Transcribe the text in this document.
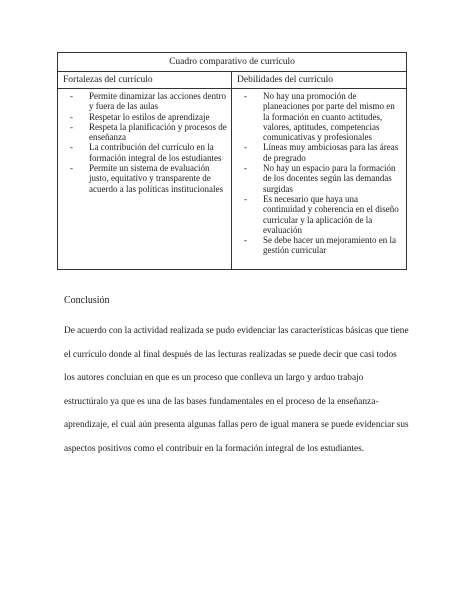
Cuadro comparativo de currículo
Fortalezas del currículo	Debilidades del currículo
- Permite dinamizar las acciones dentro y fuera de las aulas
- Respetar lo estilos de aprendizaje
- Respeta la planificación y procesos de enseñanza
- La contribución del currículo en la formación integral de los estudiantes
- Permite un sistema de evaluación justo, equitativo y transparente de acuerdo a las políticas institucionales
- No hay una promoción de planeaciones por parte del mismo en la formación en cuanto actitudes, valores, aptitudes, competencias comunicativas y profesionales
- Líneas muy ambiciosas para las áreas de pregrado
- No hay un espacio para la formación de los docentes según las demandas surgidas
- Es necesario que haya una continuidad y coherencia en el diseño curricular y la aplicación de la evaluación
- Se debe hacer un mejoramiento en la gestión curricular
Conclusión
De acuerdo con la actividad realizada se pudo evidenciar las características básicas que tiene el currículo donde al final después de las lecturas realizadas se puede decir que casi todos los autores concluian en que es un proceso que conlleva un largo y arduo trabajo estructúralo ya que es una de las bases fundamentales en el proceso de la enseñanza-aprendizaje, el cual aún presenta algunas fallas pero de igual manera se puede evidenciar sus aspectos positivos como el contribuir en la formación integral de los estudiantes.
